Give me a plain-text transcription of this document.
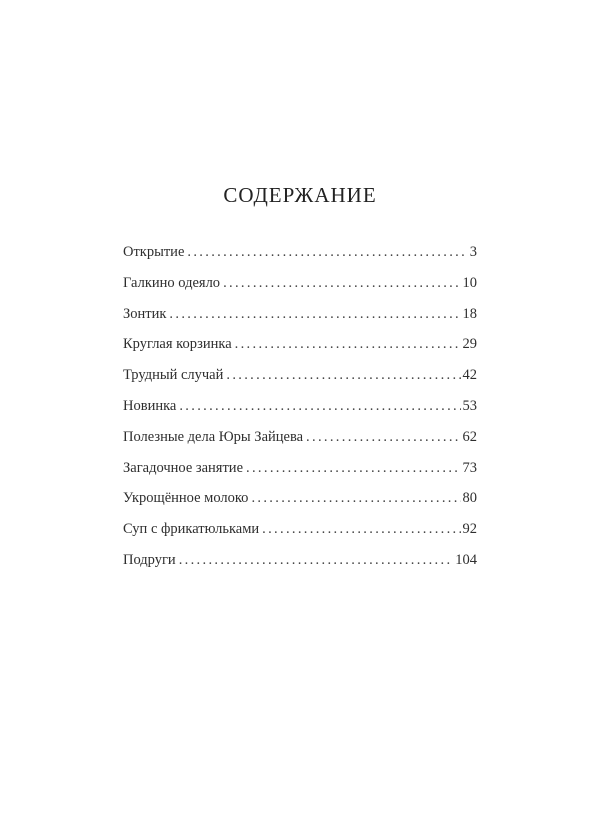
СОДЕРЖАНИЕ
Открытие . . .	3
Галкино одеяло . . .	10
Зонтик . . .	18
Круглая корзинка . . .	29
Трудный случай . . .	42
Новинка . . .	53
Полезные дела Юры Зайцева . . .	62
Загадочное занятие . . .	73
Укрощённое молоко . . .	80
Суп с фрикатюльками . . .	92
Подруги . . .	104
